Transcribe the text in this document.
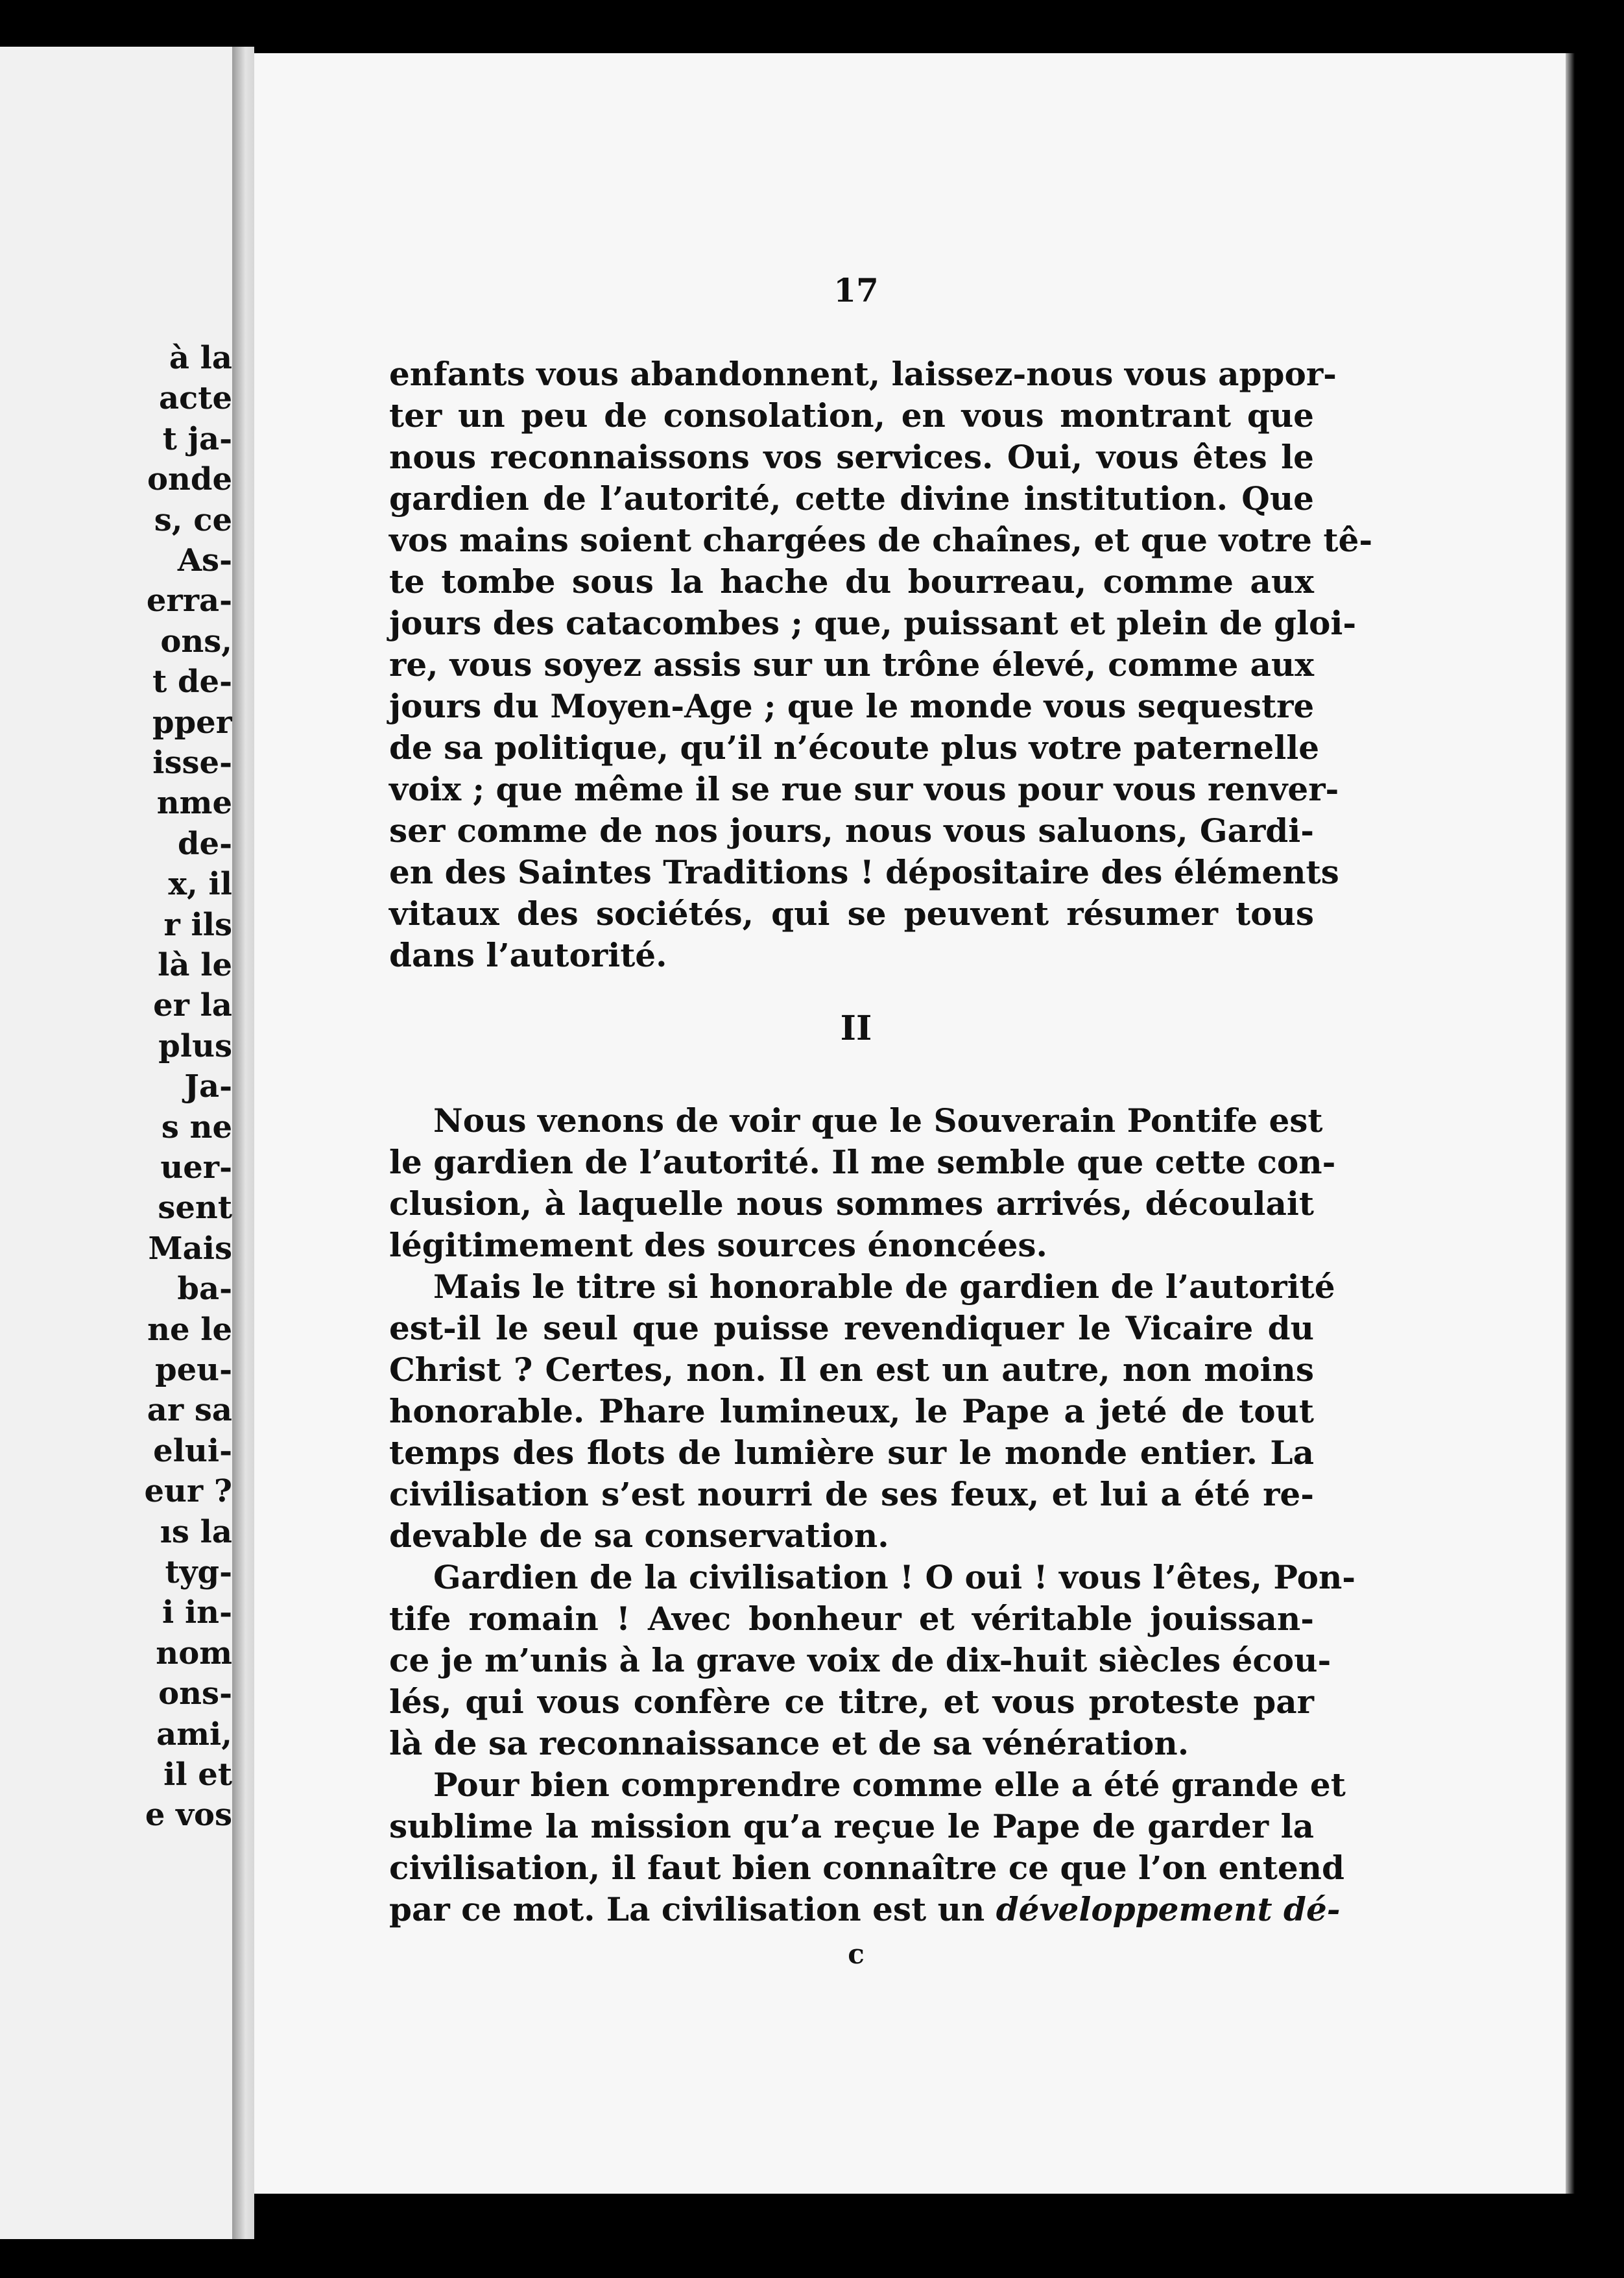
à la
acte
t ja-
onde
s, ce
As-
erra-
ons,
t de-
pper
isse-
nme
de-
x, il
r ils
là le
er la
plus
Ja-
s ne
uer-
sent
Mais
ba-
ne le
peu-
ar sa
elui-
eur ?
ıs la
tyg-
i in-
nom
ons-
ami,
il et
e vos
17
enfants vous abandonnent, laissez-nous vous appor-
ter un peu de consolation, en vous montrant que
nous reconnaissons vos services. Oui, vous êtes le
gardien de l’autorité, cette divine institution. Que
vos mains soient chargées de chaînes, et que votre tê-
te tombe sous la hache du bourreau, comme aux
jours des catacombes ; que, puissant et plein de gloi-
re, vous soyez assis sur un trône élevé, comme aux
jours du Moyen-Age ; que le monde vous sequestre
de sa politique, qu’il n’écoute plus votre paternelle
voix ; que même il se rue sur vous pour vous renver-
ser comme de nos jours, nous vous saluons, Gardi-
en des Saintes Traditions ! dépositaire des éléments
vitaux des sociétés, qui se peuvent résumer tous
dans l’autorité.
II
Nous venons de voir que le Souverain Pontife est
le gardien de l’autorité. Il me semble que cette con-
clusion, à laquelle nous sommes arrivés, découlait
légitimement des sources énoncées.
Mais le titre si honorable de gardien de l’autorité
est-il le seul que puisse revendiquer le Vicaire du
Christ ? Certes, non. Il en est un autre, non moins
honorable. Phare lumineux, le Pape a jeté de tout
temps des flots de lumière sur le monde entier. La
civilisation s’est nourri de ses feux, et lui a été re-
devable de sa conservation.
Gardien de la civilisation ! O oui ! vous l’êtes, Pon-
tife romain ! Avec bonheur et véritable jouissan-
ce je m’unis à la grave voix de dix-huit siècles écou-
lés, qui vous confère ce titre, et vous proteste par
là de sa reconnaissance et de sa vénération.
Pour bien comprendre comme elle a été grande et
sublime la mission qu’a reçue le Pape de garder la
civilisation, il faut bien connaître ce que l’on entend
par ce mot. La civilisation est un développement dé-
c
